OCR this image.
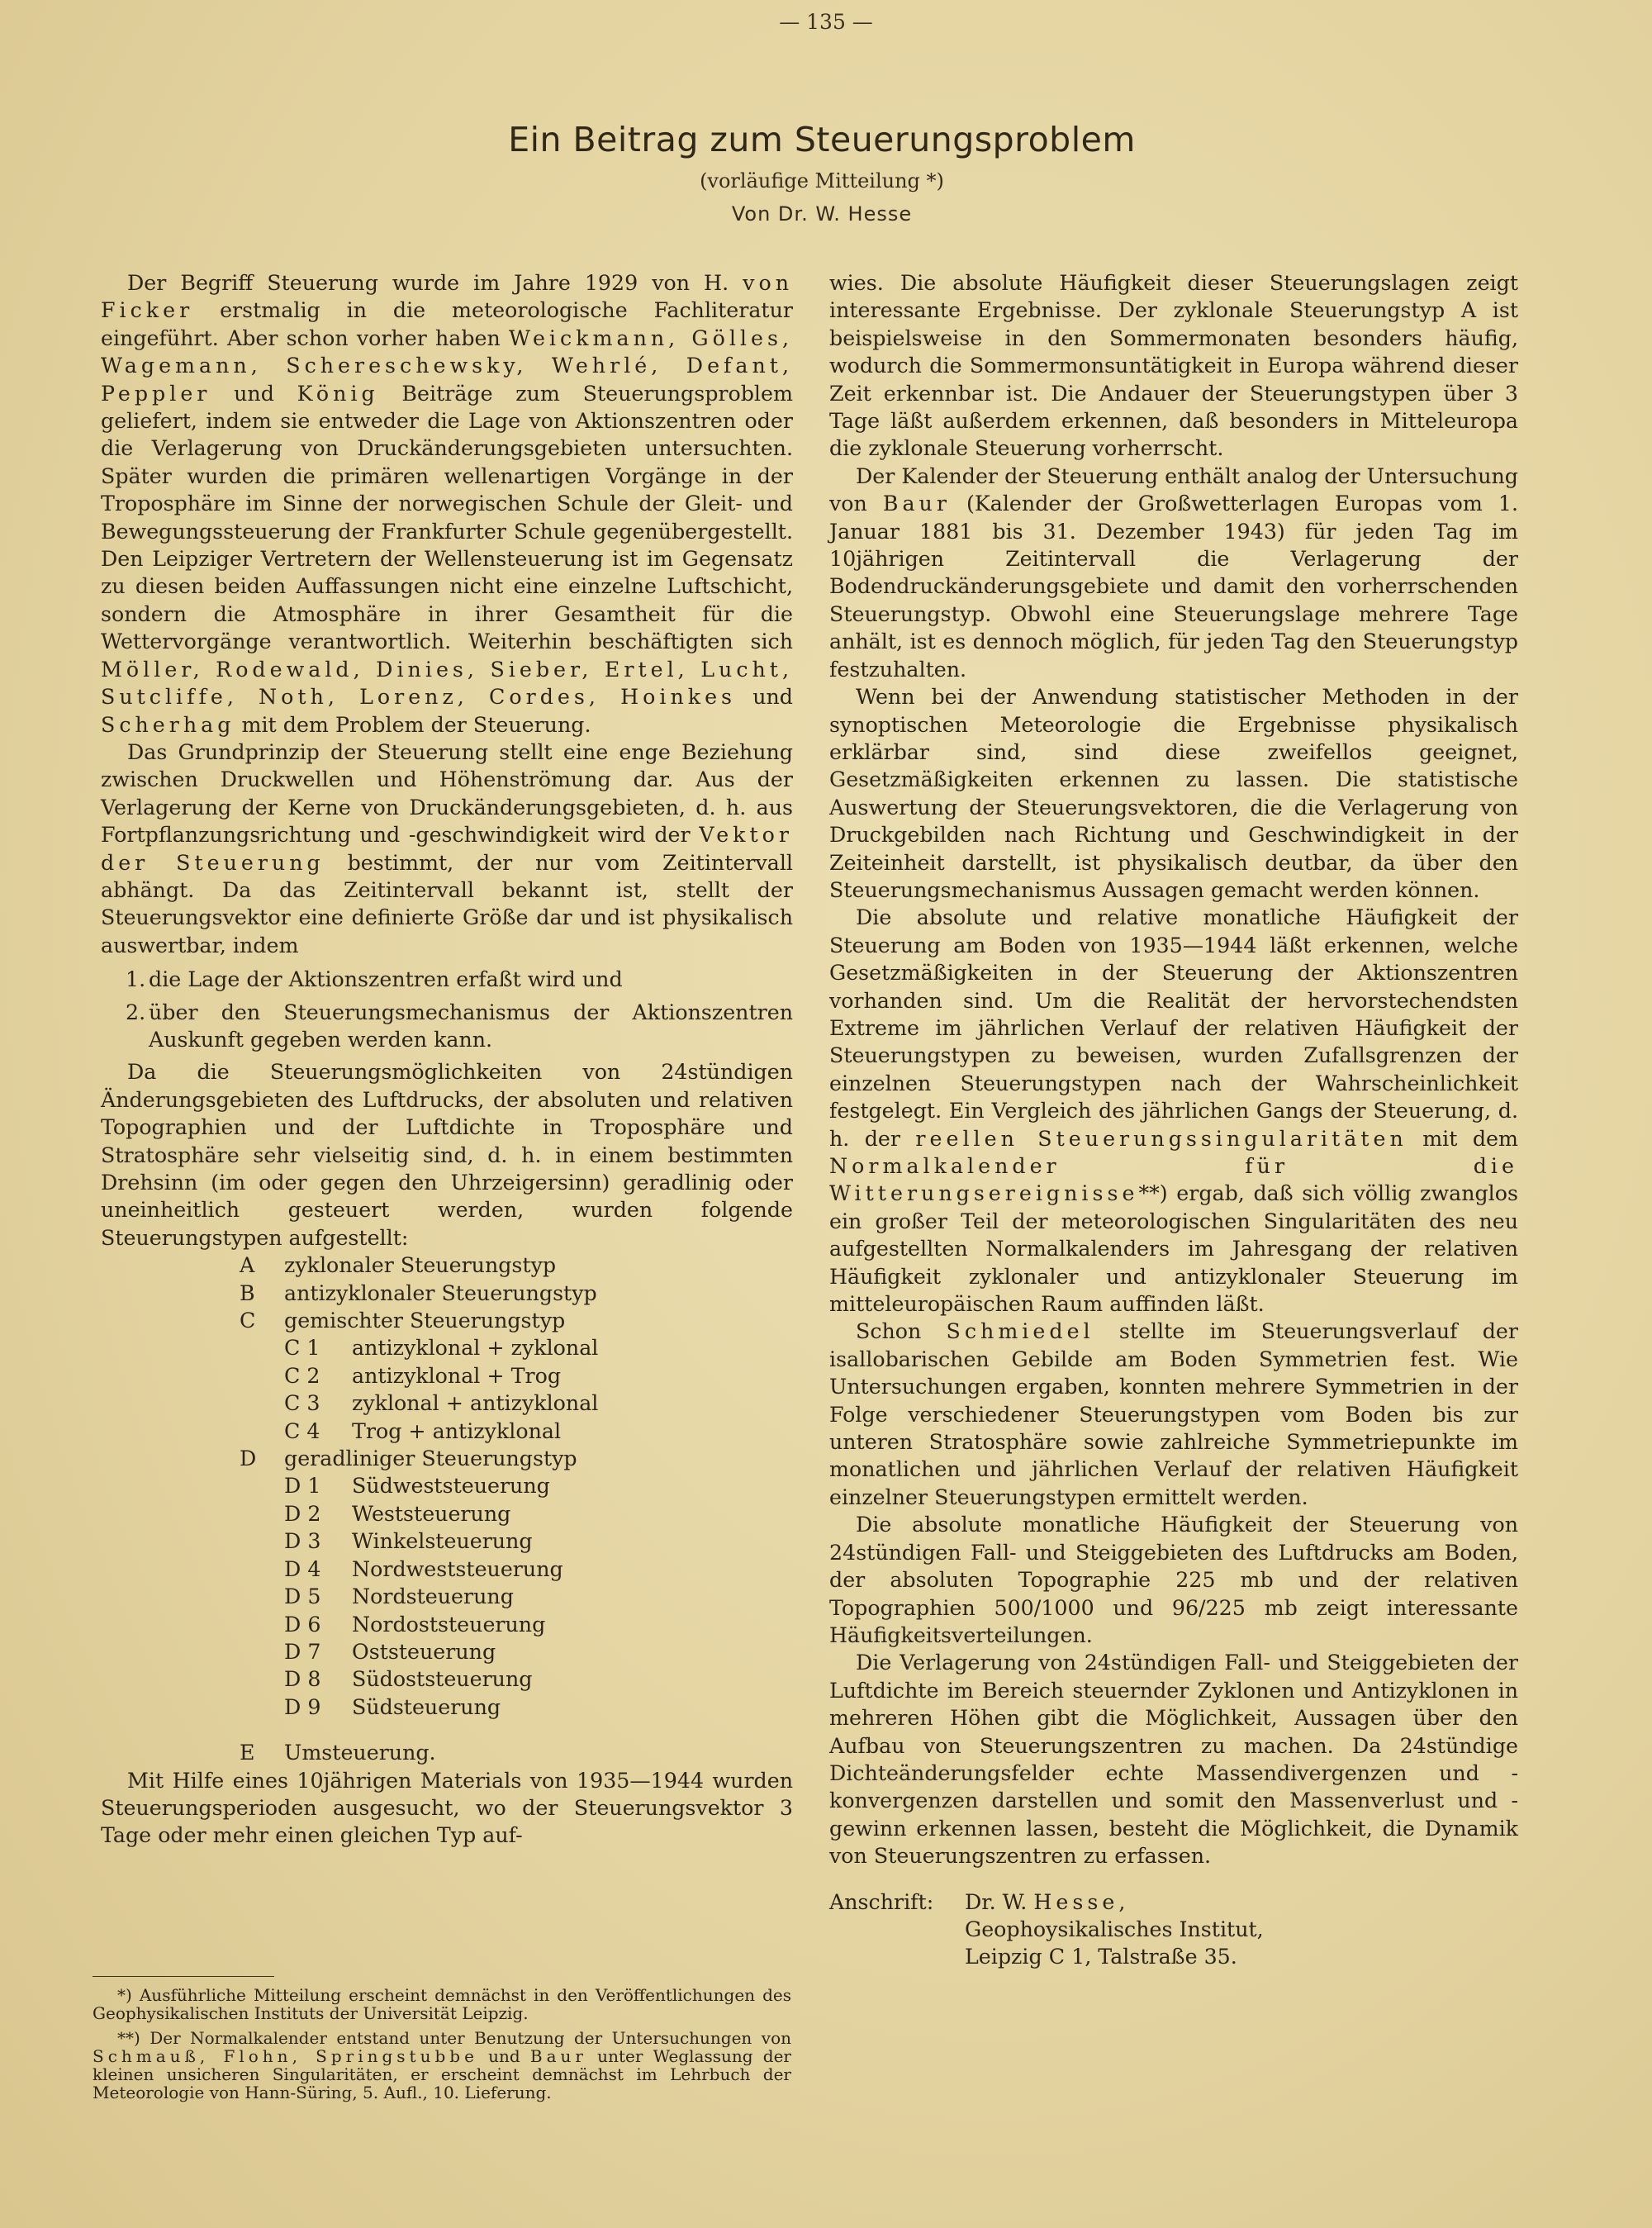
— 135 —
Ein Beitrag zum Steuerungsproblem
(vorläufige Mitteilung *)
Von Dr. W. Hesse

Der Begriff Steuerung wurde im Jahre 1929 von H. von Ficker erstmalig in die meteorologische Fachliteratur eingeführt. Aber schon vorher haben Weickmann, Gölles, Wagemann, Schereschewsky, Wehrlé, Defant, Peppler und König Beiträge zum Steuerungsproblem geliefert, indem sie entweder die Lage von Aktionszentren oder die Verlagerung von Druckänderungsgebieten untersuchten. Später wurden die primären wellenartigen Vorgänge in der Troposphäre im Sinne der norwegischen Schule der Gleit- und Bewegungssteuerung der Frankfurter Schule gegenübergestellt. Den Leipziger Vertretern der Wellensteuerung ist im Gegensatz zu diesen beiden Auffassungen nicht eine einzelne Luftschicht, sondern die Atmosphäre in ihrer Gesamtheit für die Wettervorgänge verantwortlich. Weiterhin beschäftigten sich Möller, Rodewald, Dinies, Sieber, Ertel, Lucht, Sutcliffe, Noth, Lorenz, Cordes, Hoinkes und Scherhag mit dem Problem der Steuerung.

Das Grundprinzip der Steuerung stellt eine enge Beziehung zwischen Druckwellen und Höhenströmung dar. Aus der Verlagerung der Kerne von Druckänderungsgebieten, d. h. aus Fortpflanzungsrichtung und -geschwindigkeit wird der Vektor der Steuerung bestimmt, der nur vom Zeitintervall abhängt. Da das Zeitintervall bekannt ist, stellt der Steuerungsvektor eine definierte Größe dar und ist physikalisch auswertbar, indem

1. die Lage der Aktionszentren erfaßt wird und
2. über den Steuerungsmechanismus der Aktionszentren Auskunft gegeben werden kann.

Da die Steuerungsmöglichkeiten von 24stündigen Änderungsgebieten des Luftdrucks, der absoluten und relativen Topographien und der Luftdichte in Troposphäre und Stratosphäre sehr vielseitig sind, d. h. in einem bestimmten Drehsinn (im oder gegen den Uhrzeigersinn) geradlinig oder uneinheitlich gesteuert werden, wurden folgende Steuerungstypen aufgestellt:

A	zyklonaler Steuerungstyp
B	antizyklonaler Steuerungstyp
C	gemischter Steuerungstyp
C 1	antizyklonal + zyklonal
C 2	antizyklonal + Trog
C 3	zyklonal + antizyklonal
C 4	Trog + antizyklonal
D	geradliniger Steuerungstyp
D 1	Südweststeuerung
D 2	Weststeuerung
D 3	Winkelsteuerung
D 4	Nordweststeuerung
D 5	Nordsteuerung
D 6	Nordoststeuerung
D 7	Oststeuerung
D 8	Südoststeuerung
D 9	Südsteuerung
E	Umsteuerung.

Mit Hilfe eines 10jährigen Materials von 1935—1944 wurden Steuerungsperioden ausgesucht, wo der Steuerungsvektor 3 Tage oder mehr einen gleichen Typ auf-

*) Ausführliche Mitteilung erscheint demnächst in den Veröffentlichungen des Geophysikalischen Instituts der Universität Leipzig.

**) Der Normalkalender entstand unter Benutzung der Untersuchungen von Schmauß, Flohn, Springstubbe und Baur unter Weglassung der kleinen unsicheren Singularitäten, er erscheint demnächst im Lehrbuch der Meteorologie von Hann-Süring, 5. Aufl., 10. Lieferung.

wies. Die absolute Häufigkeit dieser Steuerungslagen zeigt interessante Ergebnisse. Der zyklonale Steuerungstyp A ist beispielsweise in den Sommermonaten besonders häufig, wodurch die Sommermonsuntätigkeit in Europa während dieser Zeit erkennbar ist. Die Andauer der Steuerungstypen über 3 Tage läßt außerdem erkennen, daß besonders in Mitteleuropa die zyklonale Steuerung vorherrscht.

Der Kalender der Steuerung enthält analog der Untersuchung von Baur (Kalender der Großwetterlagen Europas vom 1. Januar 1881 bis 31. Dezember 1943) für jeden Tag im 10jährigen Zeitintervall die Verlagerung der Bodendruckänderungsgebiete und damit den vorherrschenden Steuerungstyp. Obwohl eine Steuerungslage mehrere Tage anhält, ist es dennoch möglich, für jeden Tag den Steuerungstyp festzuhalten.

Wenn bei der Anwendung statistischer Methoden in der synoptischen Meteorologie die Ergebnisse physikalisch erklärbar sind, sind diese zweifellos geeignet, Gesetzmäßigkeiten erkennen zu lassen. Die statistische Auswertung der Steuerungsvektoren, die die Verlagerung von Druckgebilden nach Richtung und Geschwindigkeit in der Zeiteinheit darstellt, ist physikalisch deutbar, da über den Steuerungsmechanismus Aussagen gemacht werden können.

Die absolute und relative monatliche Häufigkeit der Steuerung am Boden von 1935—1944 läßt erkennen, welche Gesetzmäßigkeiten in der Steuerung der Aktionszentren vorhanden sind. Um die Realität der hervorstechendsten Extreme im jährlichen Verlauf der relativen Häufigkeit der Steuerungstypen zu beweisen, wurden Zufallsgrenzen der einzelnen Steuerungstypen nach der Wahrscheinlichkeit festgelegt. Ein Vergleich des jährlichen Gangs der Steuerung, d. h. der reellen Steuerungssingularitäten mit dem Normalkalender für die Witterungsereignisse**) ergab, daß sich völlig zwanglos ein großer Teil der meteorologischen Singularitäten des neu aufgestellten Normalkalenders im Jahresgang der relativen Häufigkeit zyklonaler und antizyklonaler Steuerung im mitteleuropäischen Raum auffinden läßt.

Schon Schmiedel stellte im Steuerungsverlauf der isallobarischen Gebilde am Boden Symmetrien fest. Wie Untersuchungen ergaben, konnten mehrere Symmetrien in der Folge verschiedener Steuerungstypen vom Boden bis zur unteren Stratosphäre sowie zahlreiche Symmetriepunkte im monatlichen und jährlichen Verlauf der relativen Häufigkeit einzelner Steuerungstypen ermittelt werden.

Die absolute monatliche Häufigkeit der Steuerung von 24stündigen Fall- und Steiggebieten des Luftdrucks am Boden, der absoluten Topographie 225 mb und der relativen Topographien 500/1000 und 96/225 mb zeigt interessante Häufigkeitsverteilungen.

Die Verlagerung von 24stündigen Fall- und Steiggebieten der Luftdichte im Bereich steuernder Zyklonen und Antizyklonen in mehreren Höhen gibt die Möglichkeit, Aussagen über den Aufbau von Steuerungszentren zu machen. Da 24stündige Dichteänderungsfelder echte Massendivergenzen und -konvergenzen darstellen und somit den Massenverlust und -gewinn erkennen lassen, besteht die Möglichkeit, die Dynamik von Steuerungszentren zu erfassen.

Anschrift:	Dr. W. Hesse,
Geophoysikalisches Institut,
Leipzig C 1, Talstraße 35.
